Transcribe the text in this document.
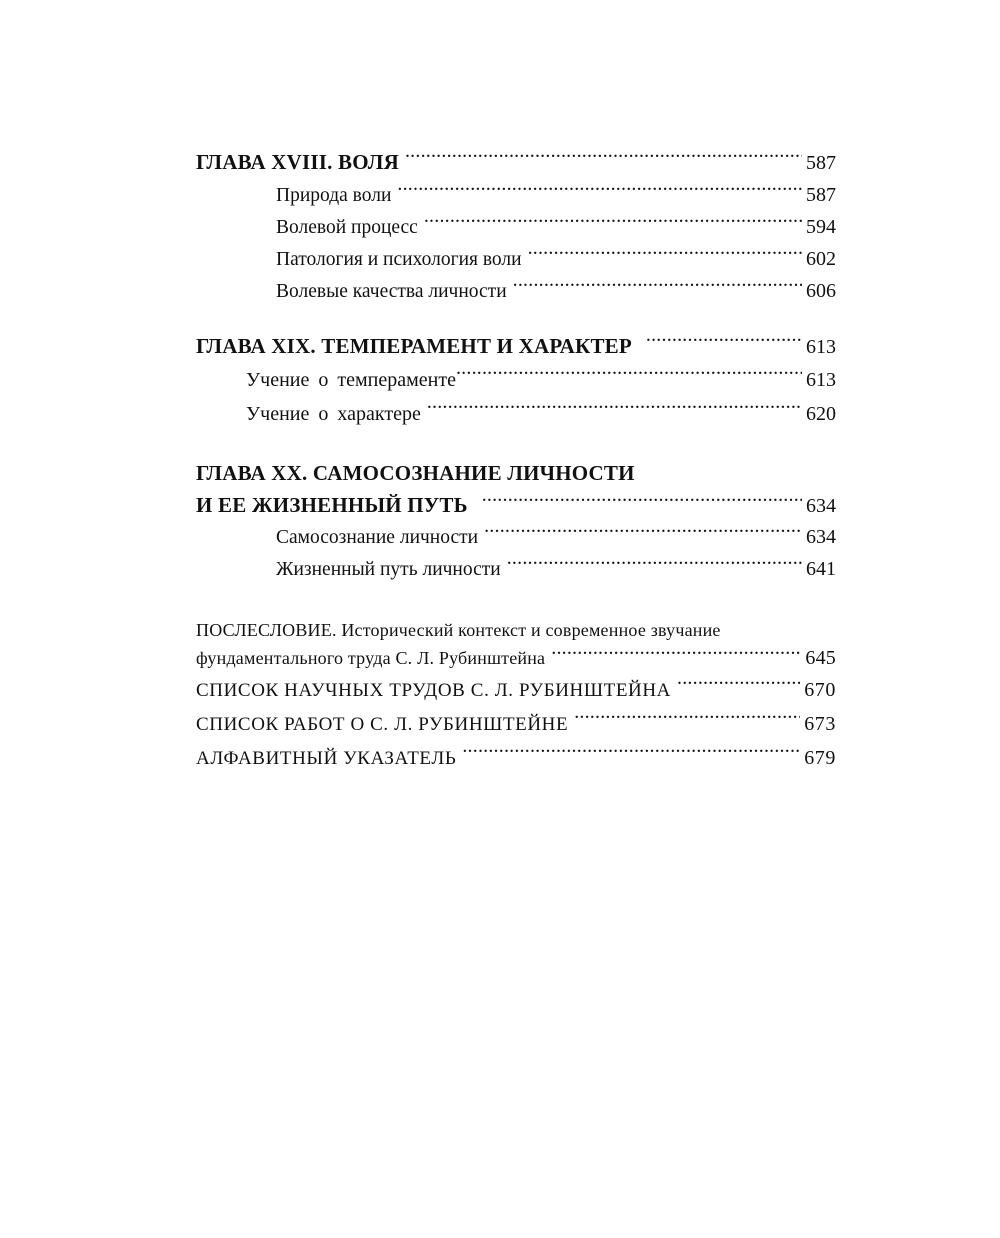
ГЛАВА XVIII. ВОЛЯ . . .	587
Природа воли . . .	587
Волевой процесс . . .	594
Патология и психология воли . . .	602
Волевые качества личности . . .	606
ГЛАВА XIX. ТЕМПЕРАМЕНТ И ХАРАКТЕР . . .	613
Учение о темпераменте . . .	613
Учение о характере . . .	620
ГЛАВА XX. САМОСОЗНАНИЕ ЛИЧНОСТИ
И ЕЕ ЖИЗНЕННЫЙ ПУТЬ . . .	634
Самосознание личности . . .	634
Жизненный путь личности . . .	641
ПОСЛЕСЛОВИЕ. Исторический контекст и современное звучание
фундаментального труда С. Л. Рубинштейна . . .	645
СПИСОК НАУЧНЫХ ТРУДОВ С. Л. РУБИНШТЕЙНА . . .	670
СПИСОК РАБОТ О С. Л. РУБИНШТЕЙНЕ . . .	673
АЛФАВИТНЫЙ УКАЗАТЕЛЬ . . .	679
